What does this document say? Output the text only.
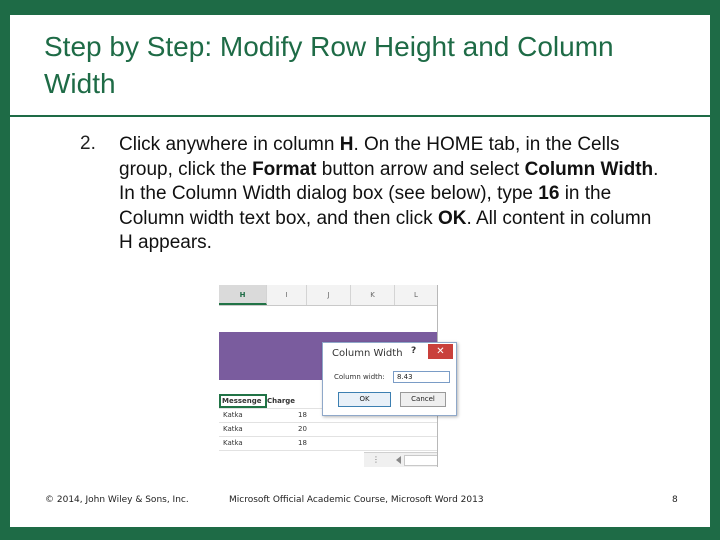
Step by Step: Modify Row Height and Column Width
2. Click anywhere in column H. On the HOME tab, in the Cells group, click the Format button arrow and select Column Width. In the Column Width dialog box (see below), type 16 in the Column width text box, and then click OK. All content in column H appears.
H	I	J	K	L
Messenge Charge
Katka	18
Katka	20
Katka	18
⋮
Column Width ?	✕
Column width:	8.43
OK	Cancel
© 2014, John Wiley & Sons, Inc.	Microsoft Official Academic Course, Microsoft Word 2013	8
